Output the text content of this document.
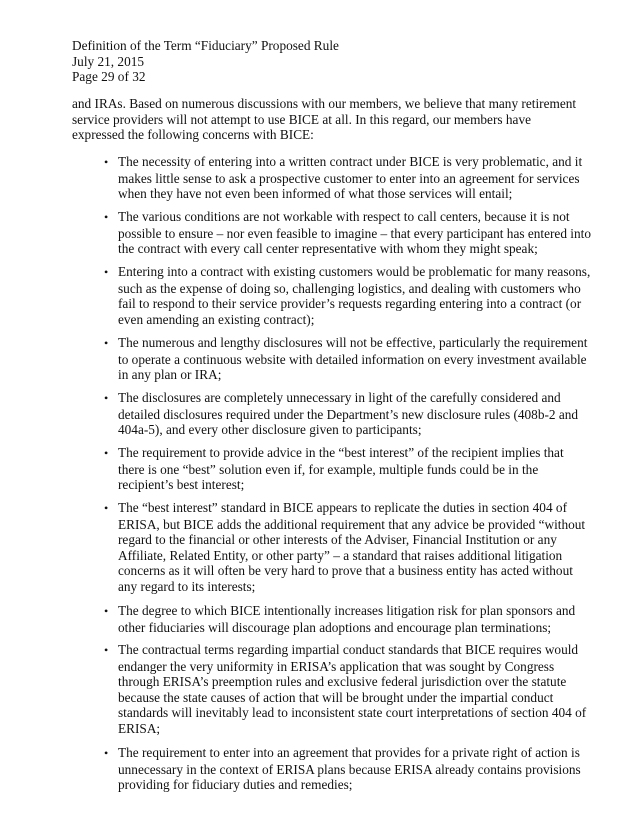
Definition of the Term “Fiduciary” Proposed Rule
July 21, 2015
Page 29 of 32

and IRAs. Based on numerous discussions with our members, we believe that many retirement service providers will not attempt to use BICE at all. In this regard, our members have expressed the following concerns with BICE:

• The necessity of entering into a written contract under BICE is very problematic, and it makes little sense to ask a prospective customer to enter into an agreement for services when they have not even been informed of what those services will entail;
• The various conditions are not workable with respect to call centers, because it is not possible to ensure – nor even feasible to imagine – that every participant has entered into the contract with every call center representative with whom they might speak;
• Entering into a contract with existing customers would be problematic for many reasons, such as the expense of doing so, challenging logistics, and dealing with customers who fail to respond to their service provider’s requests regarding entering into a contract (or even amending an existing contract);
• The numerous and lengthy disclosures will not be effective, particularly the requirement to operate a continuous website with detailed information on every investment available in any plan or IRA;
• The disclosures are completely unnecessary in light of the carefully considered and detailed disclosures required under the Department’s new disclosure rules (408b-2 and 404a-5), and every other disclosure given to participants;
• The requirement to provide advice in the “best interest” of the recipient implies that there is one “best” solution even if, for example, multiple funds could be in the recipient’s best interest;
• The “best interest” standard in BICE appears to replicate the duties in section 404 of ERISA, but BICE adds the additional requirement that any advice be provided “without regard to the financial or other interests of the Adviser, Financial Institution or any Affiliate, Related Entity, or other party” – a standard that raises additional litigation concerns as it will often be very hard to prove that a business entity has acted without any regard to its interests;
• The degree to which BICE intentionally increases litigation risk for plan sponsors and other fiduciaries will discourage plan adoptions and encourage plan terminations;
• The contractual terms regarding impartial conduct standards that BICE requires would endanger the very uniformity in ERISA’s application that was sought by Congress through ERISA’s preemption rules and exclusive federal jurisdiction over the statute because the state causes of action that will be brought under the impartial conduct standards will inevitably lead to inconsistent state court interpretations of section 404 of ERISA;
• The requirement to enter into an agreement that provides for a private right of action is unnecessary in the context of ERISA plans because ERISA already contains provisions providing for fiduciary duties and remedies;
